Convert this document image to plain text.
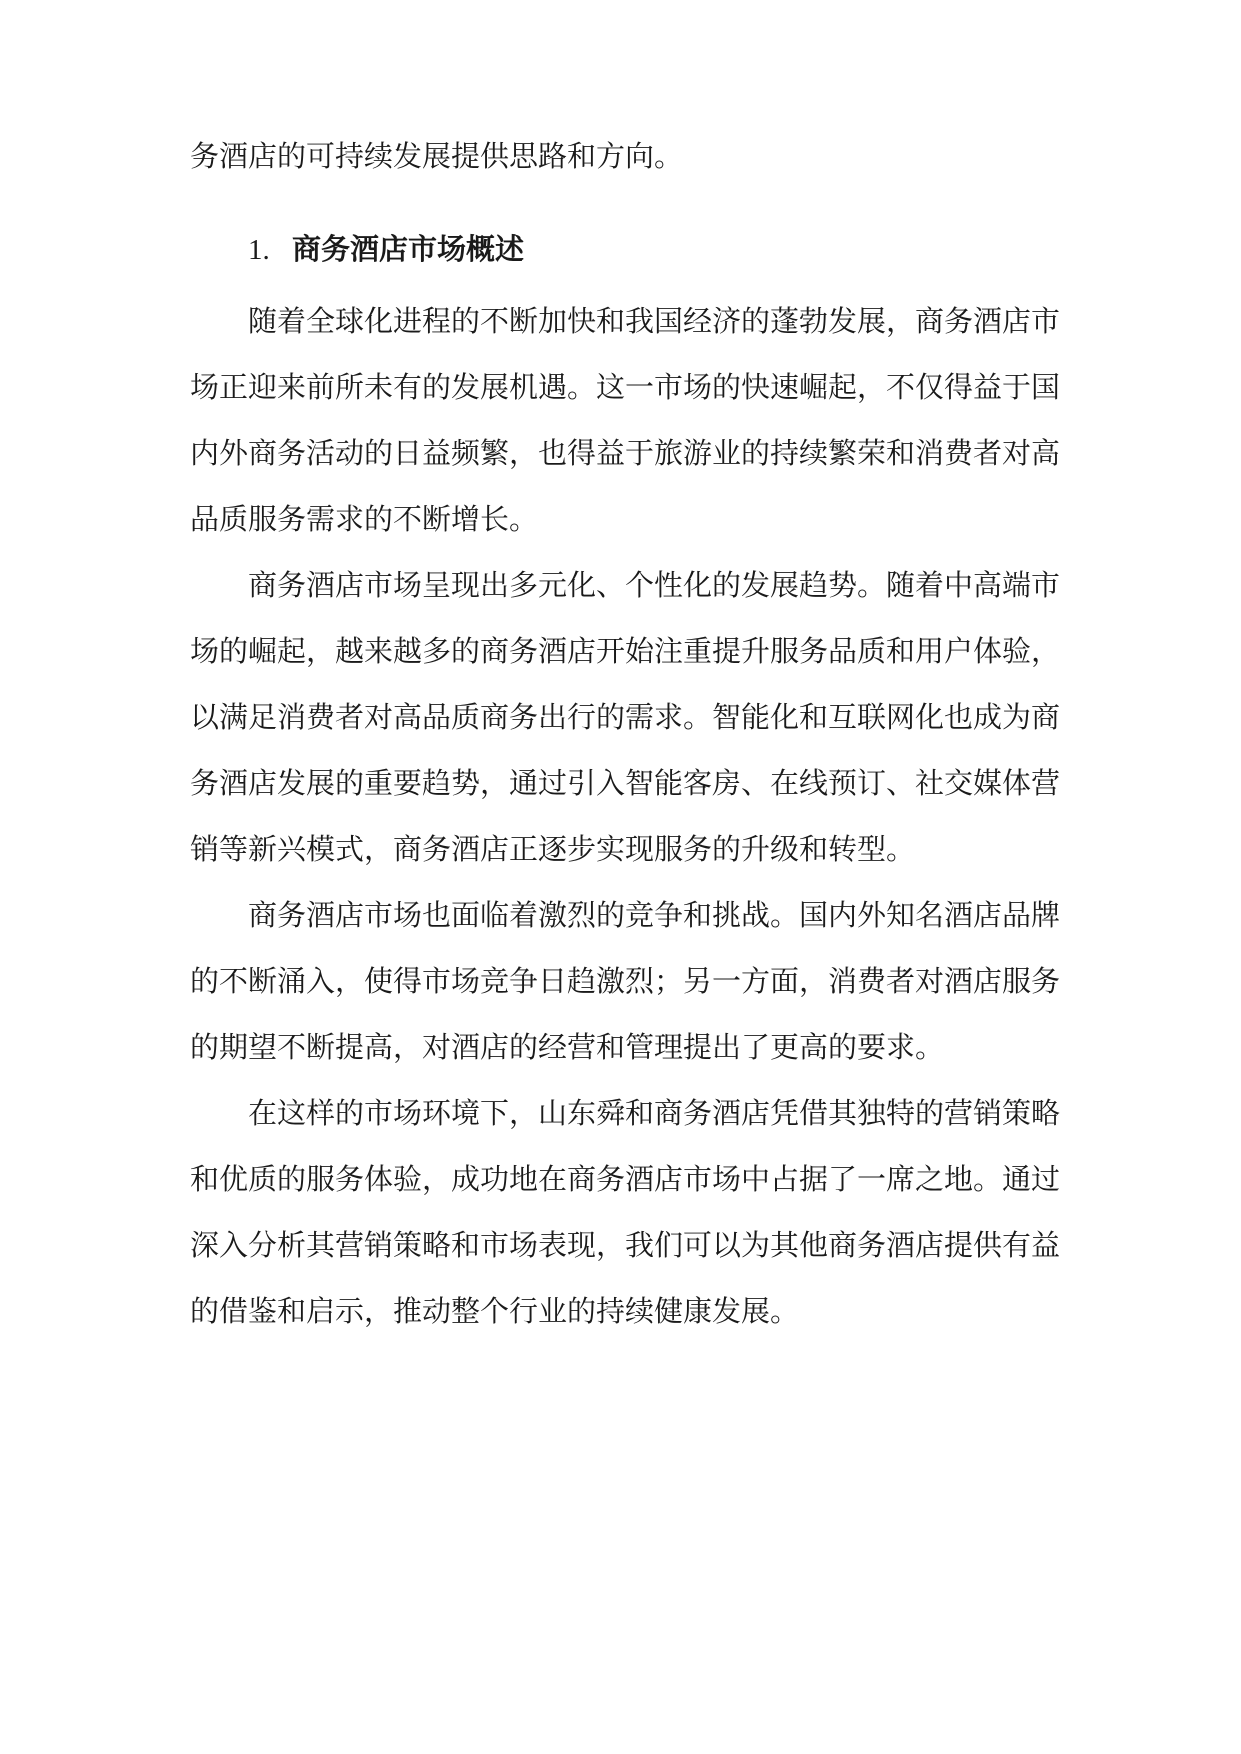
务酒店的可持续发展提供思路和方向。
1. 商务酒店市场概述
随着全球化进程的不断加快和我国经济的蓬勃发展，商务酒店市
场正迎来前所未有的发展机遇。这一市场的快速崛起，不仅得益于国
内外商务活动的日益频繁，也得益于旅游业的持续繁荣和消费者对高
品质服务需求的不断增长。
商务酒店市场呈现出多元化、个性化的发展趋势。随着中高端市
场的崛起，越来越多的商务酒店开始注重提升服务品质和用户体验，
以满足消费者对高品质商务出行的需求。智能化和互联网化也成为商
务酒店发展的重要趋势，通过引入智能客房、在线预订、社交媒体营
销等新兴模式，商务酒店正逐步实现服务的升级和转型。
商务酒店市场也面临着激烈的竞争和挑战。国内外知名酒店品牌
的不断涌入，使得市场竞争日趋激烈；另一方面，消费者对酒店服务
的期望不断提高，对酒店的经营和管理提出了更高的要求。
在这样的市场环境下，山东舜和商务酒店凭借其独特的营销策略
和优质的服务体验，成功地在商务酒店市场中占据了一席之地。通过
深入分析其营销策略和市场表现，我们可以为其他商务酒店提供有益
的借鉴和启示，推动整个行业的持续健康发展。
